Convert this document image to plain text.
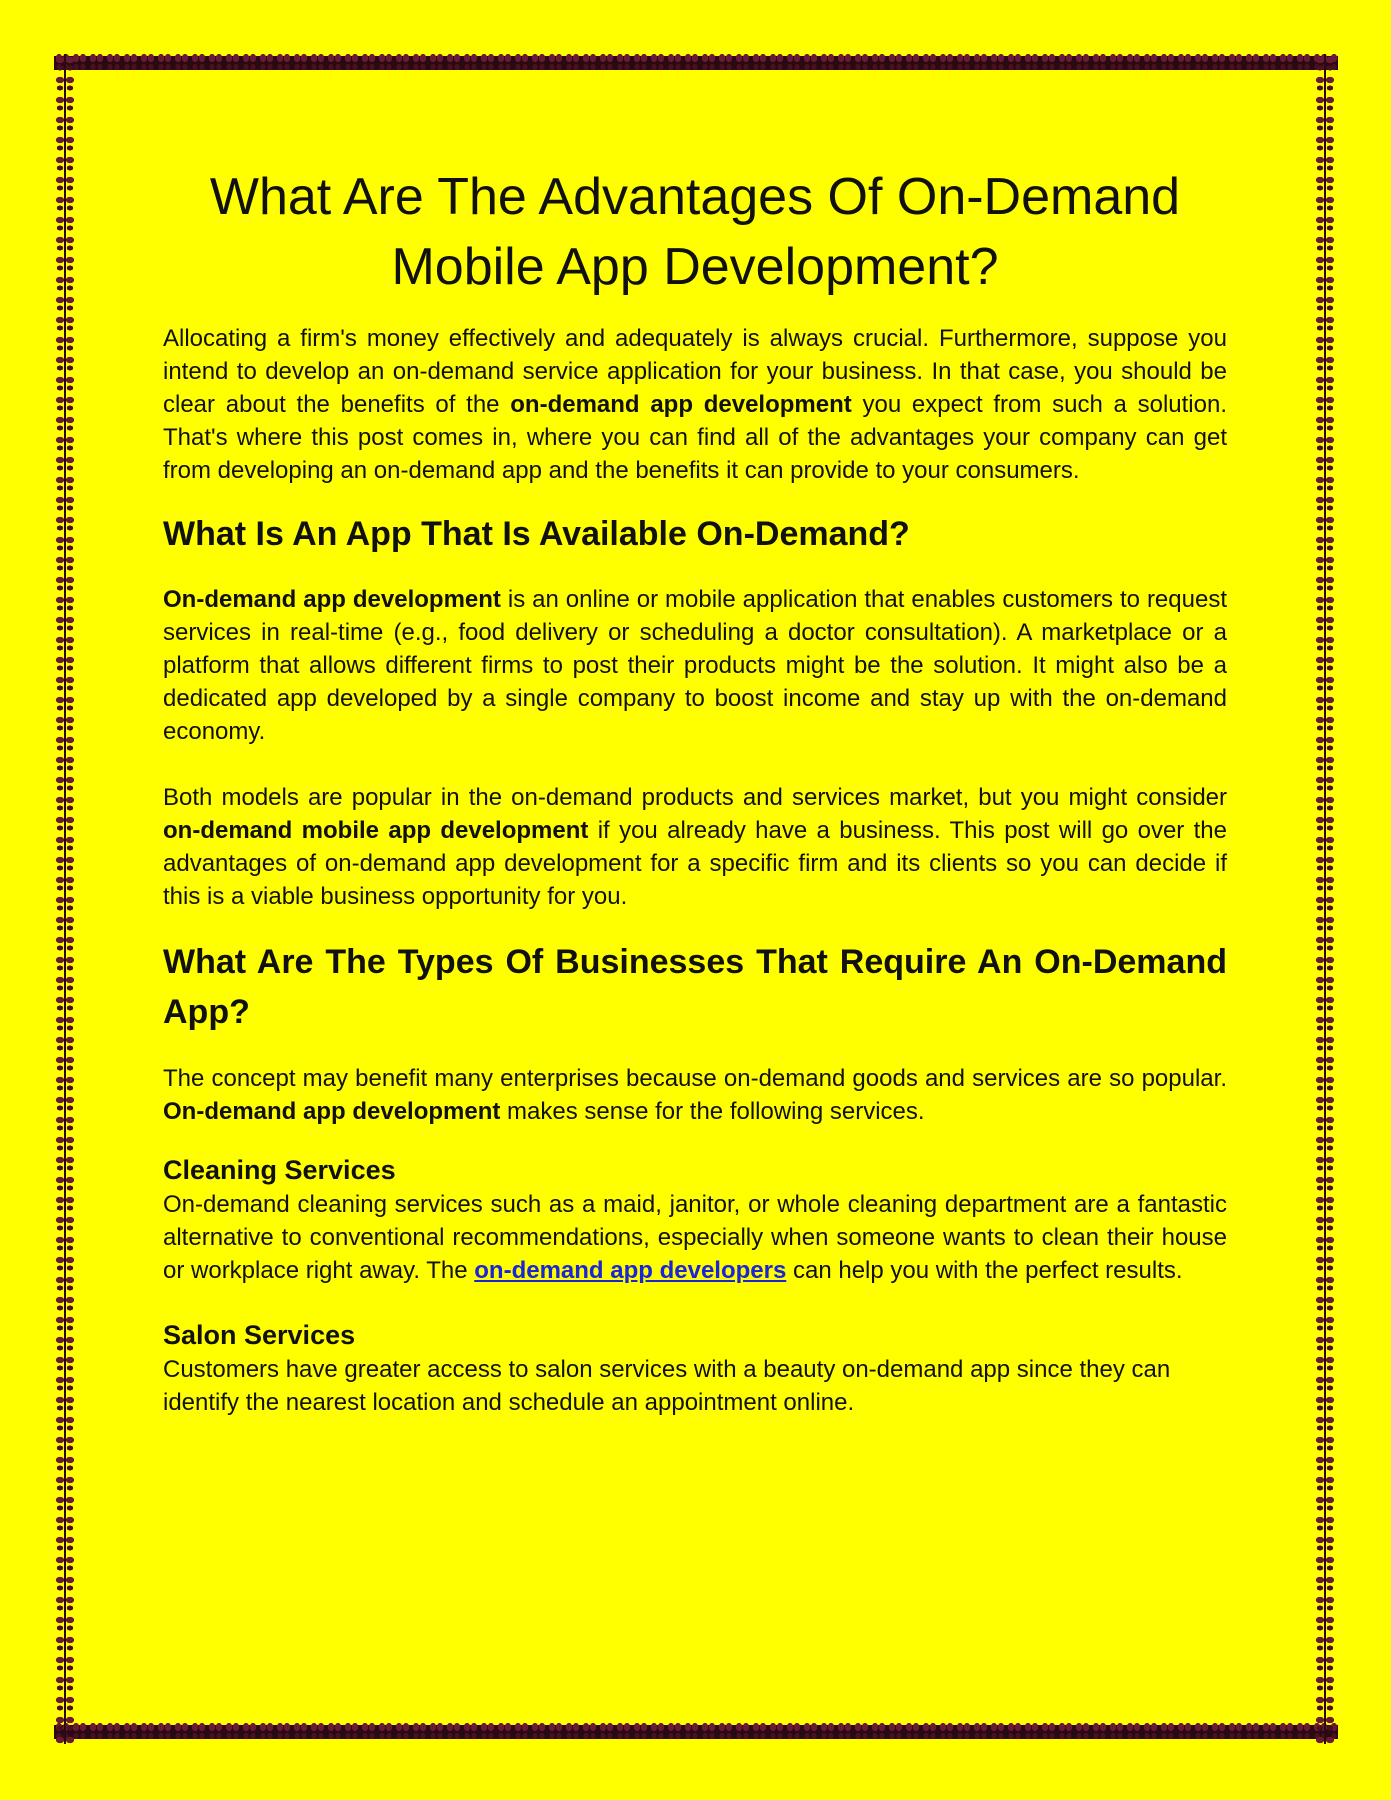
What Are The Advantages Of On-Demand Mobile App Development?

Allocating a firm's money effectively and adequately is always crucial. Furthermore, suppose you intend to develop an on-demand service application for your business. In that case, you should be clear about the benefits of the on-demand app development you expect from such a solution. That's where this post comes in, where you can find all of the advantages your company can get from developing an on-demand app and the benefits it can provide to your consumers.

What Is An App That Is Available On-Demand?

On-demand app development is an online or mobile application that enables customers to request services in real-time (e.g., food delivery or scheduling a doctor consultation). A marketplace or a platform that allows different firms to post their products might be the solution. It might also be a dedicated app developed by a single company to boost income and stay up with the on-demand economy.

Both models are popular in the on-demand products and services market, but you might consider on-demand mobile app development if you already have a business. This post will go over the advantages of on-demand app development for a specific firm and its clients so you can decide if this is a viable business opportunity for you.

What Are The Types Of Businesses That Require An On-Demand App?

The concept may benefit many enterprises because on-demand goods and services are so popular. On-demand app development makes sense for the following services.

Cleaning Services

On-demand cleaning services such as a maid, janitor, or whole cleaning department are a fantastic alternative to conventional recommendations, especially when someone wants to clean their house or workplace right away. The on-demand app developers can help you with the perfect results.

Salon Services

Customers have greater access to salon services with a beauty on-demand app since they can identify the nearest location and schedule an appointment online.
